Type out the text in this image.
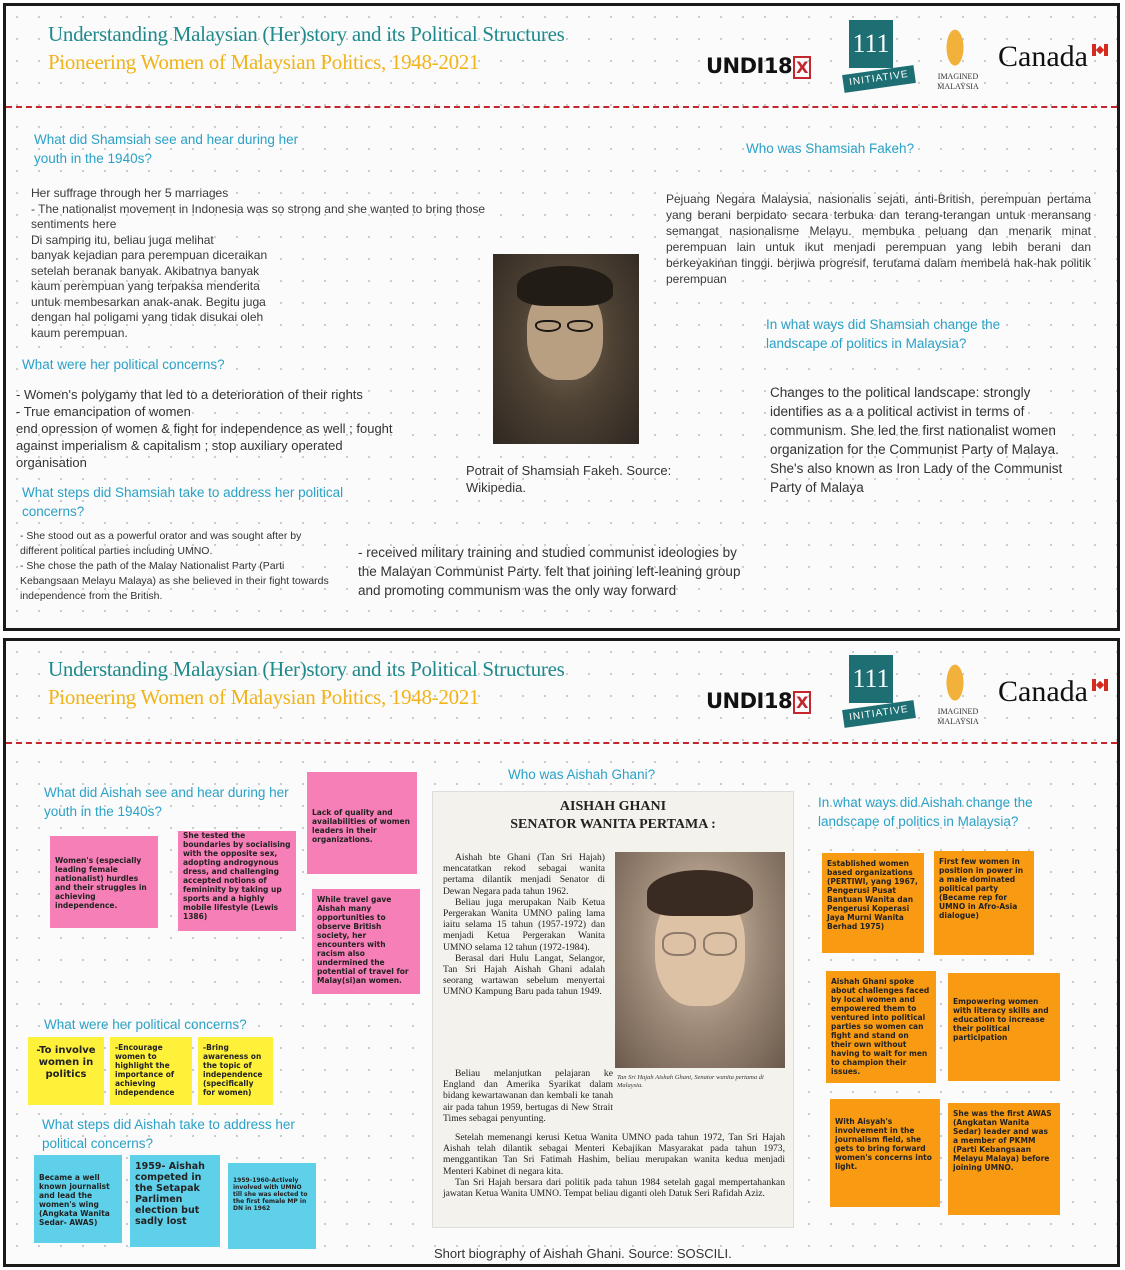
Understanding Malaysian (Her)story and its Political Structures
Pioneering Women of Malaysian Politics, 1948-2021	UNDI18 X
111
INITIATIVE	IMAGINED
MALAYSIA
Canada
What did Shamsiah see and hear during her youth in the 1940s?
Her suffrage through her 5 marriages
- The nationalist movement in Indonesia was so strong and she wanted to bring those sentiments here
Di samping itu, beliau juga melihat
banyak kejadian para perempuan diceraikan
setelah beranak banyak. Akibatnya banyak
kaum perempuan yang terpaksa menderita
untuk membesarkan anak-anak. Begitu juga
dengan hal poligami yang tidak disukai oleh
kaum perempuan.
What were her political concerns?
- Women's polygamy that led to a deterioration of their rights
- True emancipation of women
end opression of women & fight for independence as well ; fought against imperialism & capitalism ; stop auxiliary operated organisation
What steps did Shamsiah take to address her political concerns?
- She stood out as a powerful orator and was sought after by different political parties including UMNO.
- She chose the path of the Malay Nationalist Party (Parti Kebangsaan Melayu Malaya) as she believed in their fight towards independence from the British.
- received military training and studied communist ideologies by the Malayan Communist Party. felt that joining left-leaning group and promoting communism was the only way forward
Potrait of Shamsiah Fakeh. Source: Wikipedia.
Who was Shamsiah Fakeh?
Pejuang Negara Malaysia, nasionalis sejati, anti-British, perempuan pertama yang berani berpidato secara terbuka dan terang-terangan untuk meransang semangat nasionalisme Melayu. membuka peluang dan menarik minat perempuan lain untuk ikut menjadi perempuan yang lebih berani dan berkeyakinan tinggi. berjiwa progresif, terutama dalam membela hak-hak politik perempuan
In what ways did Shamsiah change the landscape of politics in Malaysia?
Changes to the political landscape: strongly identifies as a a political activist in terms of communism. She led the first nationalist women organization for the Communist Party of Malaya. She's also known as Iron Lady of the Communist Party of Malaya
Understanding Malaysian (Her)story and its Political Structures
Pioneering Women of Malaysian Politics, 1948-2021	UNDI18 X
111
INITIATIVE	IMAGINED
MALAYSIA
Canada
What did Aishah see and hear during her youth in the 1940s?
Women's (especially leading female nationalist) hurdles and their struggles in achieving independence.
She tested the boundaries by socialising with the opposite sex, adopting androgynous dress, and challenging accepted notions of femininity by taking up sports and a highly mobile lifestyle (Lewis 1386)
Lack of quality and availabilities of women leaders in their organizations.
While travel gave Aishah many opportunities to observe British society, her encounters with racism also undermined the potential of travel for Malay(si)an women.
What were her political concerns?
-To involve women in politics
-Encourage women to highlight the importance of achieving independence
-Bring awareness on the topic of independence (specifically for women)
What steps did Aishah take to address her political concerns?
Became a well known journalist and lead the women's wing (Angkata Wanita Sedar- AWAS)
1959- Aishah competed in the Setapak Parlimen election but sadly lost
1959-1960-Actively involved with UMNO till she was elected to the first female MP in DN in 1962
Who was Aishah Ghani?
AISHAH GHANI
SENATOR WANITA PERTAMA :

Aishah bte Ghani (Tan Sri Hajah) mencatatkan rekod sebagai wanita pertama dilantik menjadi Senator di Dewan Negara pada tahun 1962.

Beliau juga merupakan Naib Ketua Pergerakan Wanita UMNO paling lama iaitu selama 15 tahun (1957-1972) dan menjadi Ketua Pergerakan Wanita UMNO selama 12 tahun (1972-1984).

Berasal dari Hulu Langat, Selangor, Tan Sri Hajah Aishah Ghani adalah seorang wartawan sebelum menyertai UMNO Kampung Baru pada tahun 1949.

Tan Sri Hajah Aishah Ghani, Senator wanita pertama di Malaysia.

Beliau melanjutkan pelajaran ke England dan Amerika Syarikat dalam bidang kewartawanan dan kembali ke tanah air pada tahun 1959, bertugas di New Strait Times sebagai penyunting.

Setelah memenangi kerusi Ketua Wanita UMNO pada tahun 1972, Tan Sri Hajah Aishah telah dilantik sebagai Menteri Kebajikan Masyarakat pada tahun 1973, menggantikan Tan Sri Fatimah Hashim, beliau merupakan wanita kedua menjadi Menteri Kabinet di negara kita.

Tan Sri Hajah bersara dari politik pada tahun 1984 setelah gagal mempertahankan jawatan Ketua Wanita UMNO. Tempat beliau diganti oleh Datuk Seri Rafidah Aziz.

Short biography of Aishah Ghani. Source: SOSCILI.
In what ways did Aishah change the landscape of politics in Malaysia?
Established women based organizations (PERTIWI, yang 1967, Pengerusi Pusat Bantuan Wanita dan Pengerusi Koperasi Jaya Murni Wanita Berhad 1975)
First few women in position in power in a male dominated political party (Became rep for UMNO in Afro-Asia dialogue)
Aishah Ghani spoke about challenges faced by local women and empowered them to ventured into political parties so women can fight and stand on their own without having to wait for men to champion their issues.
Empowering women with literacy skills and education to increase their political participation
With Aisyah's involvement in the journalism field, she gets to bring forward women's concerns into light.
She was the first AWAS (Angkatan Wanita Sedar) leader and was a member of PKMM (Parti Kebangsaan Melayu Malaya) before joining UMNO.
